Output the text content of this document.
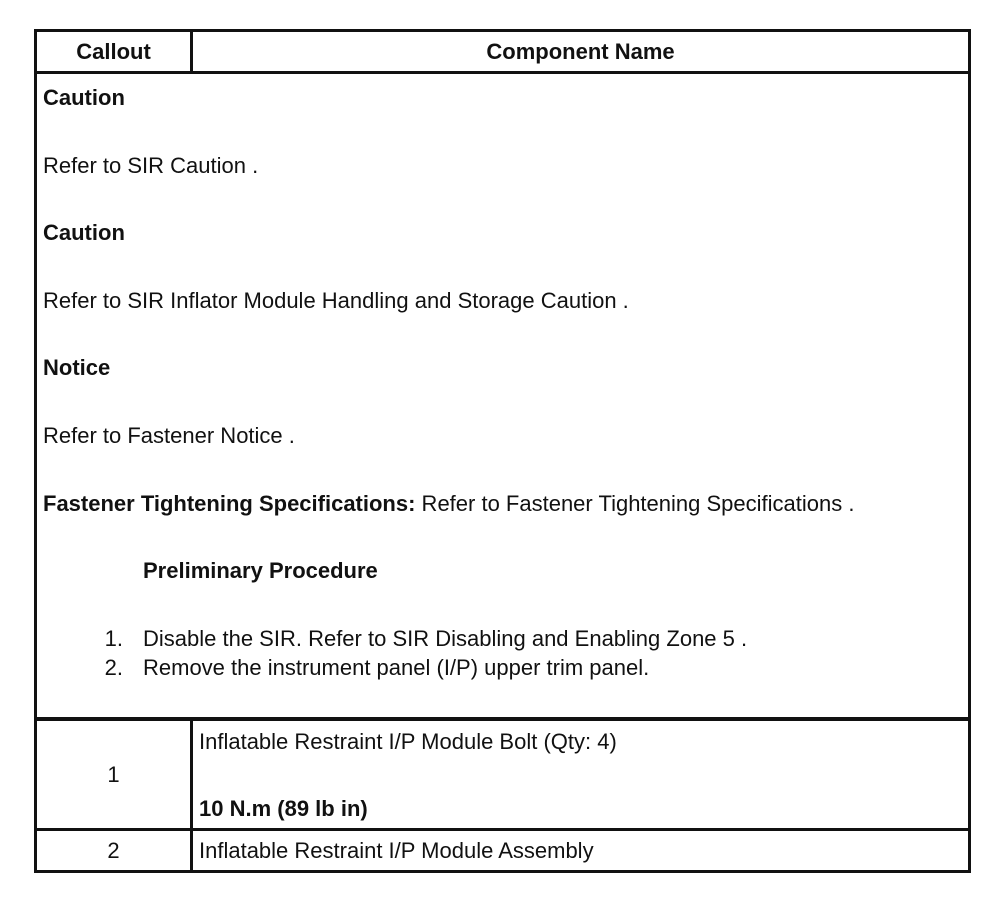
Callout	Component Name
Caution
Refer to SIR Caution .
Caution
Refer to SIR Inflator Module Handling and Storage Caution .
Notice
Refer to Fastener Notice .
Fastener Tightening Specifications: Refer to Fastener Tightening Specifications .
Preliminary Procedure
1. Disable the SIR. Refer to SIR Disabling and Enabling Zone 5 .
2. Remove the instrument panel (I/P) upper trim panel.
1
Inflatable Restraint I/P Module Bolt (Qty: 4)
10 N.m (89 lb in)
2	Inflatable Restraint I/P Module Assembly
